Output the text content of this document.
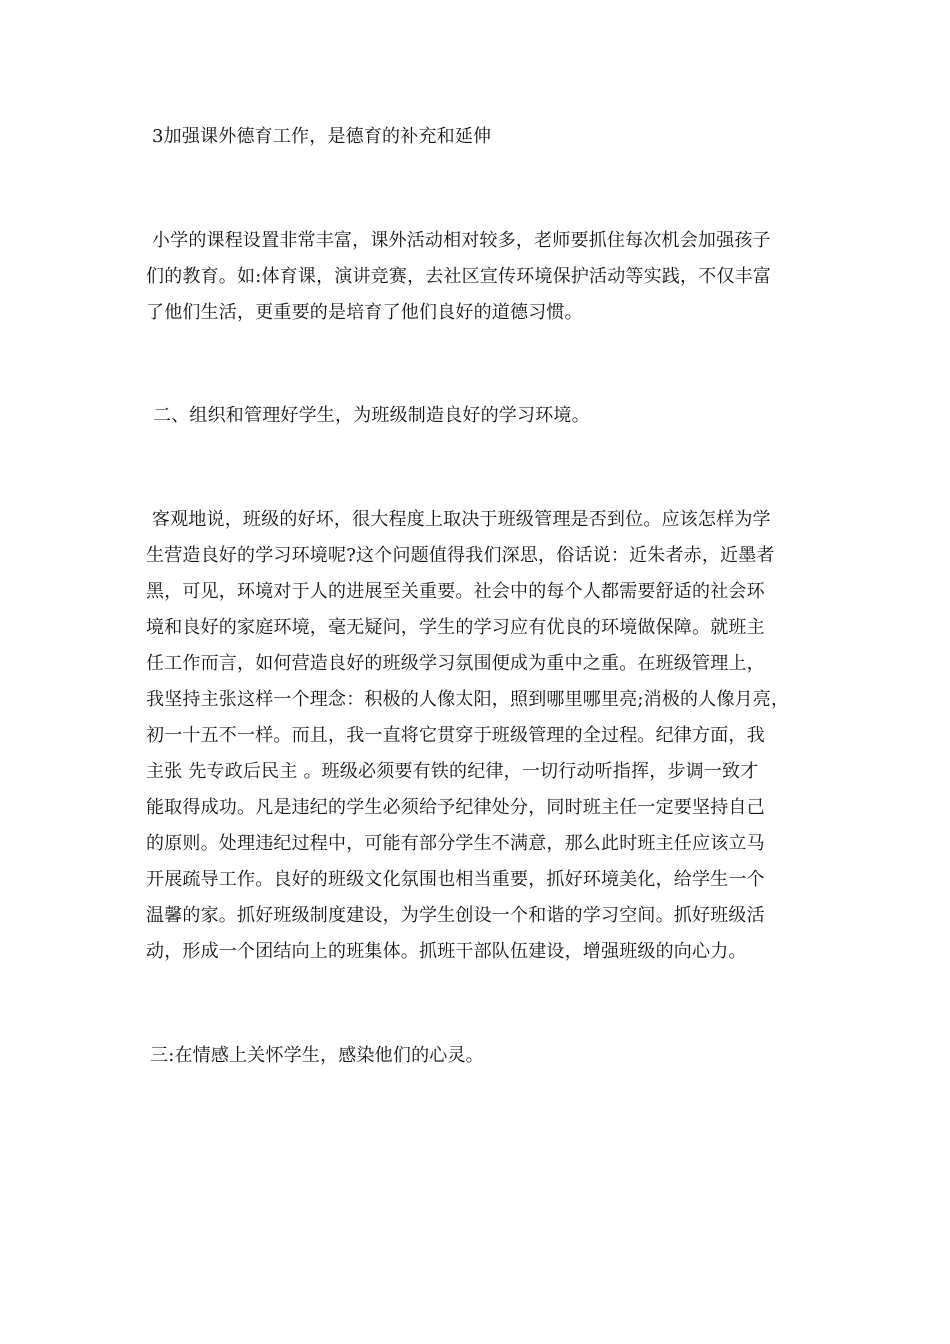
3加强课外德育工作，是德育的补充和延伸
小学的课程设置非常丰富，课外活动相对较多，老师要抓住每次机会加强孩子
们的教育。如:体育课，演讲竞赛，去社区宣传环境保护活动等实践，不仅丰富
了他们生活，更重要的是培育了他们良好的道德习惯。
二、组织和管理好学生，为班级制造良好的学习环境。
客观地说，班级的好坏，很大程度上取决于班级管理是否到位。应该怎样为学
生营造良好的学习环境呢?这个问题值得我们深思，俗话说：近朱者赤，近墨者
黑，可见，环境对于人的进展至关重要。社会中的每个人都需要舒适的社会环
境和良好的家庭环境，毫无疑问，学生的学习应有优良的环境做保障。就班主
任工作而言，如何营造良好的班级学习氛围便成为重中之重。在班级管理上，
我坚持主张这样一个理念：积极的人像太阳，照到哪里哪里亮;消极的人像月亮，
初一十五不一样。而且，我一直将它贯穿于班级管理的全过程。纪律方面，我
主张 先专政后民主 。班级必须要有铁的纪律，一切行动听指挥，步调一致才
能取得成功。凡是违纪的学生必须给予纪律处分，同时班主任一定要坚持自己
的原则。处理违纪过程中，可能有部分学生不满意，那么此时班主任应该立马
开展疏导工作。良好的班级文化氛围也相当重要，抓好环境美化，给学生一个
温馨的家。抓好班级制度建设，为学生创设一个和谐的学习空间。抓好班级活
动，形成一个团结向上的班集体。抓班干部队伍建设，增强班级的向心力。
三:在情感上关怀学生，感染他们的心灵。
